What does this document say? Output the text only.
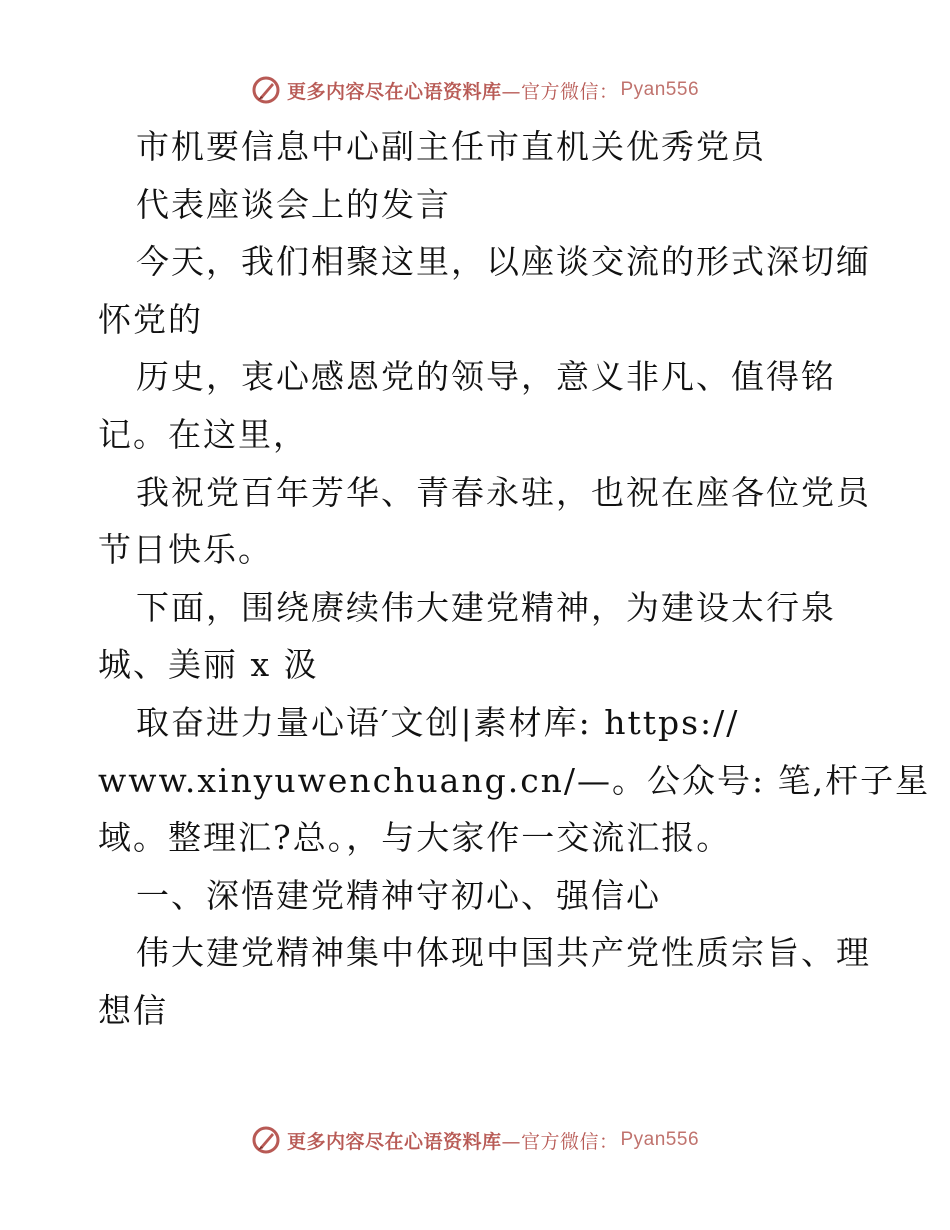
更多内容尽在心语资料库 —官方微信： Pyan556
市机要信息中心副主任市直机关优秀党员
代表座谈会上的发言
今天，我们相聚这里，以座谈交流的形式深切缅
怀党的
历史，衷心感恩党的领导，意义非凡、值得铭
记。在这里，
我祝党百年芳华、青春永驻，也祝在座各位党员
节日快乐。
下面，围绕赓续伟大建党精神，为建设太行泉
城、美丽 x 汲
取奋进力量心语′文创|素材库: https://
www.xinyuwenchuang.cn/—。公众号: 笔,杆子星
域。整理汇?总。，与大家作一交流汇报。
一、深悟建党精神守初心、强信心
伟大建党精神集中体现中国共产党性质宗旨、理
想信
更多内容尽在心语资料库 —官方微信： Pyan556
